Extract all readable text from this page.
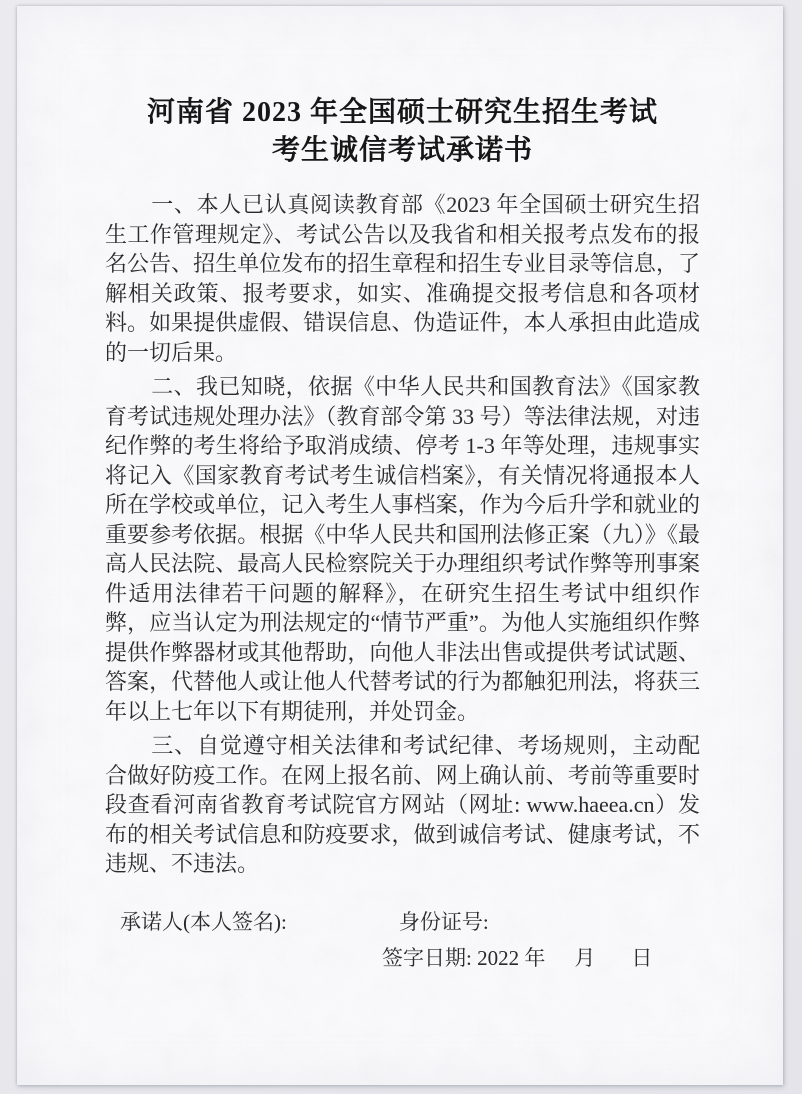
河南省 2023 年全国硕士研究生招生考试
考生诚信考试承诺书

一、本人已认真阅读教育部《2023 年全国硕士研究生招生工作管理规定》、考试公告以及我省和相关报考点发布的报名公告、招生单位发布的招生章程和招生专业目录等信息，了解相关政策、报考要求，如实、准确提交报考信息和各项材料。如果提供虚假、错误信息、伪造证件，本人承担由此造成的一切后果。

二、我已知晓，依据《中华人民共和国教育法》《国家教育考试违规处理办法》（教育部令第 33 号）等法律法规，对违纪作弊的考生将给予取消成绩、停考 1-3 年等处理，违规事实将记入《国家教育考试考生诚信档案》，有关情况将通报本人所在学校或单位，记入考生人事档案，作为今后升学和就业的重要参考依据。根据《中华人民共和国刑法修正案（九）》《最高人民法院、最高人民检察院关于办理组织考试作弊等刑事案件适用法律若干问题的解释》，在研究生招生考试中组织作弊，应当认定为刑法规定的“情节严重”。为他人实施组织作弊提供作弊器材或其他帮助，向他人非法出售或提供考试试题、答案，代替他人或让他人代替考试的行为都触犯刑法，将获三年以上七年以下有期徒刑，并处罚金。

三、自觉遵守相关法律和考试纪律、考场规则，主动配合做好防疫工作。在网上报名前、网上确认前、考前等重要时段查看河南省教育考试院官方网站（网址: www.haeea.cn）发布的相关考试信息和防疫要求，做到诚信考试、健康考试，不违规、不违法。

承诺人(本人签名):	身份证号:
签字日期: 2022 年 月 日
